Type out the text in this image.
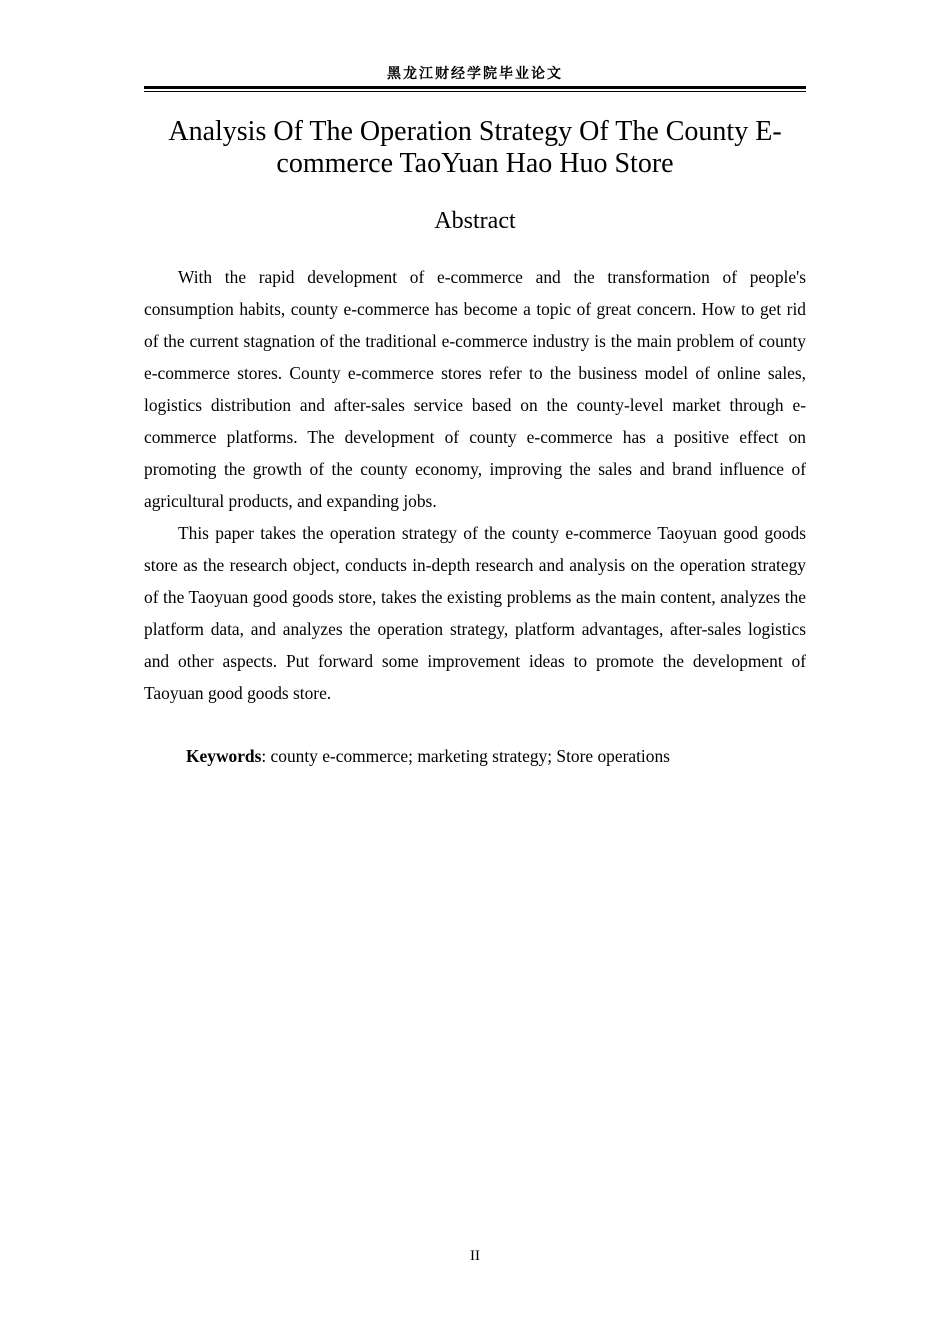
黑龙江财经学院毕业论文
Analysis Of The Operation Strategy Of The County E-
commerce TaoYuan Hao Huo Store
Abstract

With the rapid development of e-commerce and the transformation of people's consumption habits, county e-commerce has become a topic of great concern. How to get rid of the current stagnation of the traditional e-commerce industry is the main problem of county e-commerce stores. County e-commerce stores refer to the business model of online sales, logistics distribution and after-sales service based on the county-level market through e-commerce platforms. The development of county e-commerce has a positive effect on promoting the growth of the county economy, improving the sales and brand influence of agricultural products, and expanding jobs.

This paper takes the operation strategy of the county e-commerce Taoyuan good goods store as the research object, conducts in-depth research and analysis on the operation strategy of the Taoyuan good goods store, takes the existing problems as the main content, analyzes the platform data, and analyzes the operation strategy, platform advantages, after-sales logistics and other aspects. Put forward some improvement ideas to promote the development of Taoyuan good goods store.

Keywords: county e-commerce; marketing strategy; Store operations
II
